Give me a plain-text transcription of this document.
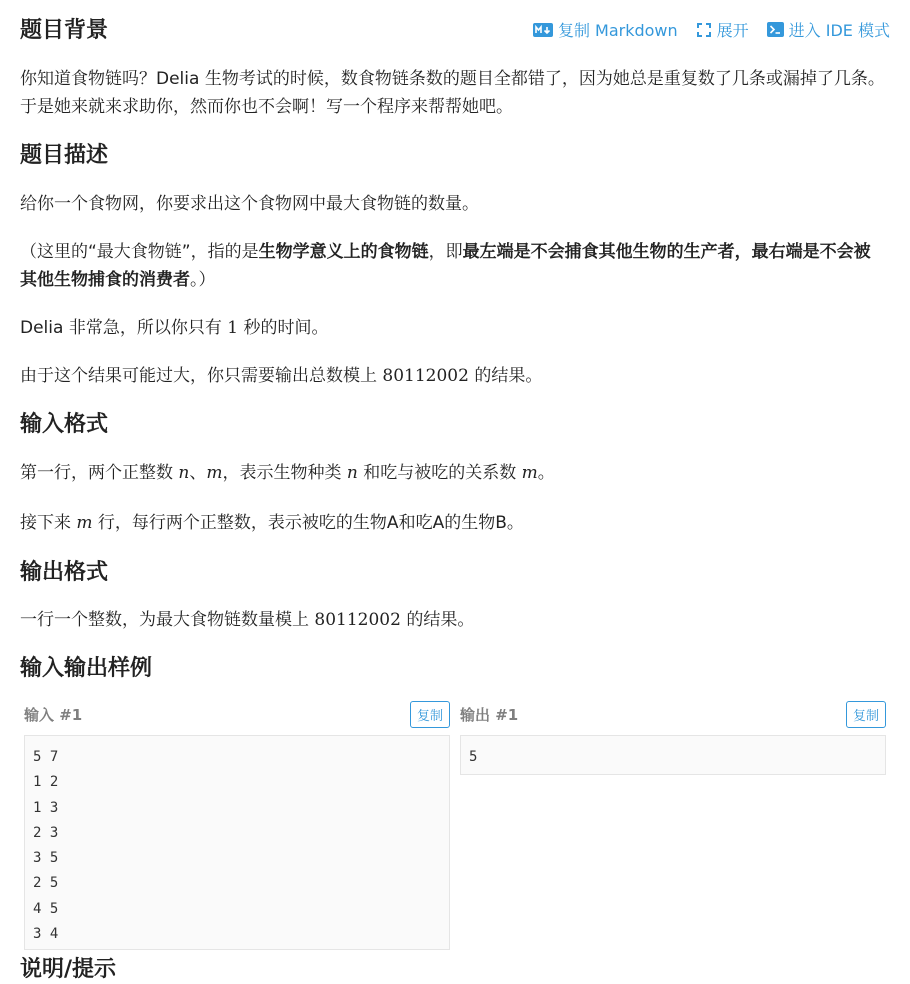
复制 Markdown 展开	进入 IDE 模式
题目背景

你知道食物链吗？Delia 生物考试的时候，数食物链条数的题目全都错了，因为她总是重复数了几条或漏掉了几条。于是她来就来求助你，然而你也不会啊！写一个程序来帮帮她吧。

题目描述

给你一个食物网，你要求出这个食物网中最大食物链的数量。

（这里的“最大食物链”，指的是生物学意义上的食物链，即最左端是不会捕食其他生物的生产者，最右端是不会被其他生物捕食的消费者。）

Delia 非常急，所以你只有 1 秒的时间。

由于这个结果可能过大，你只需要输出总数模上 80112002 的结果。

输入格式

第一行，两个正整数 n、m，表示生物种类 n 和吃与被吃的关系数 m。

接下来 m 行，每行两个正整数，表示被吃的生物A和吃A的生物B。

输出格式

一行一个整数，为最大食物链数量模上 80112002 的结果。

输入输出样例
输入 #1	复制	输出 #1	复制
5 7
1 2
1 3
2 3
3 5
2 5
4 5
3 4
5
说明/提示
